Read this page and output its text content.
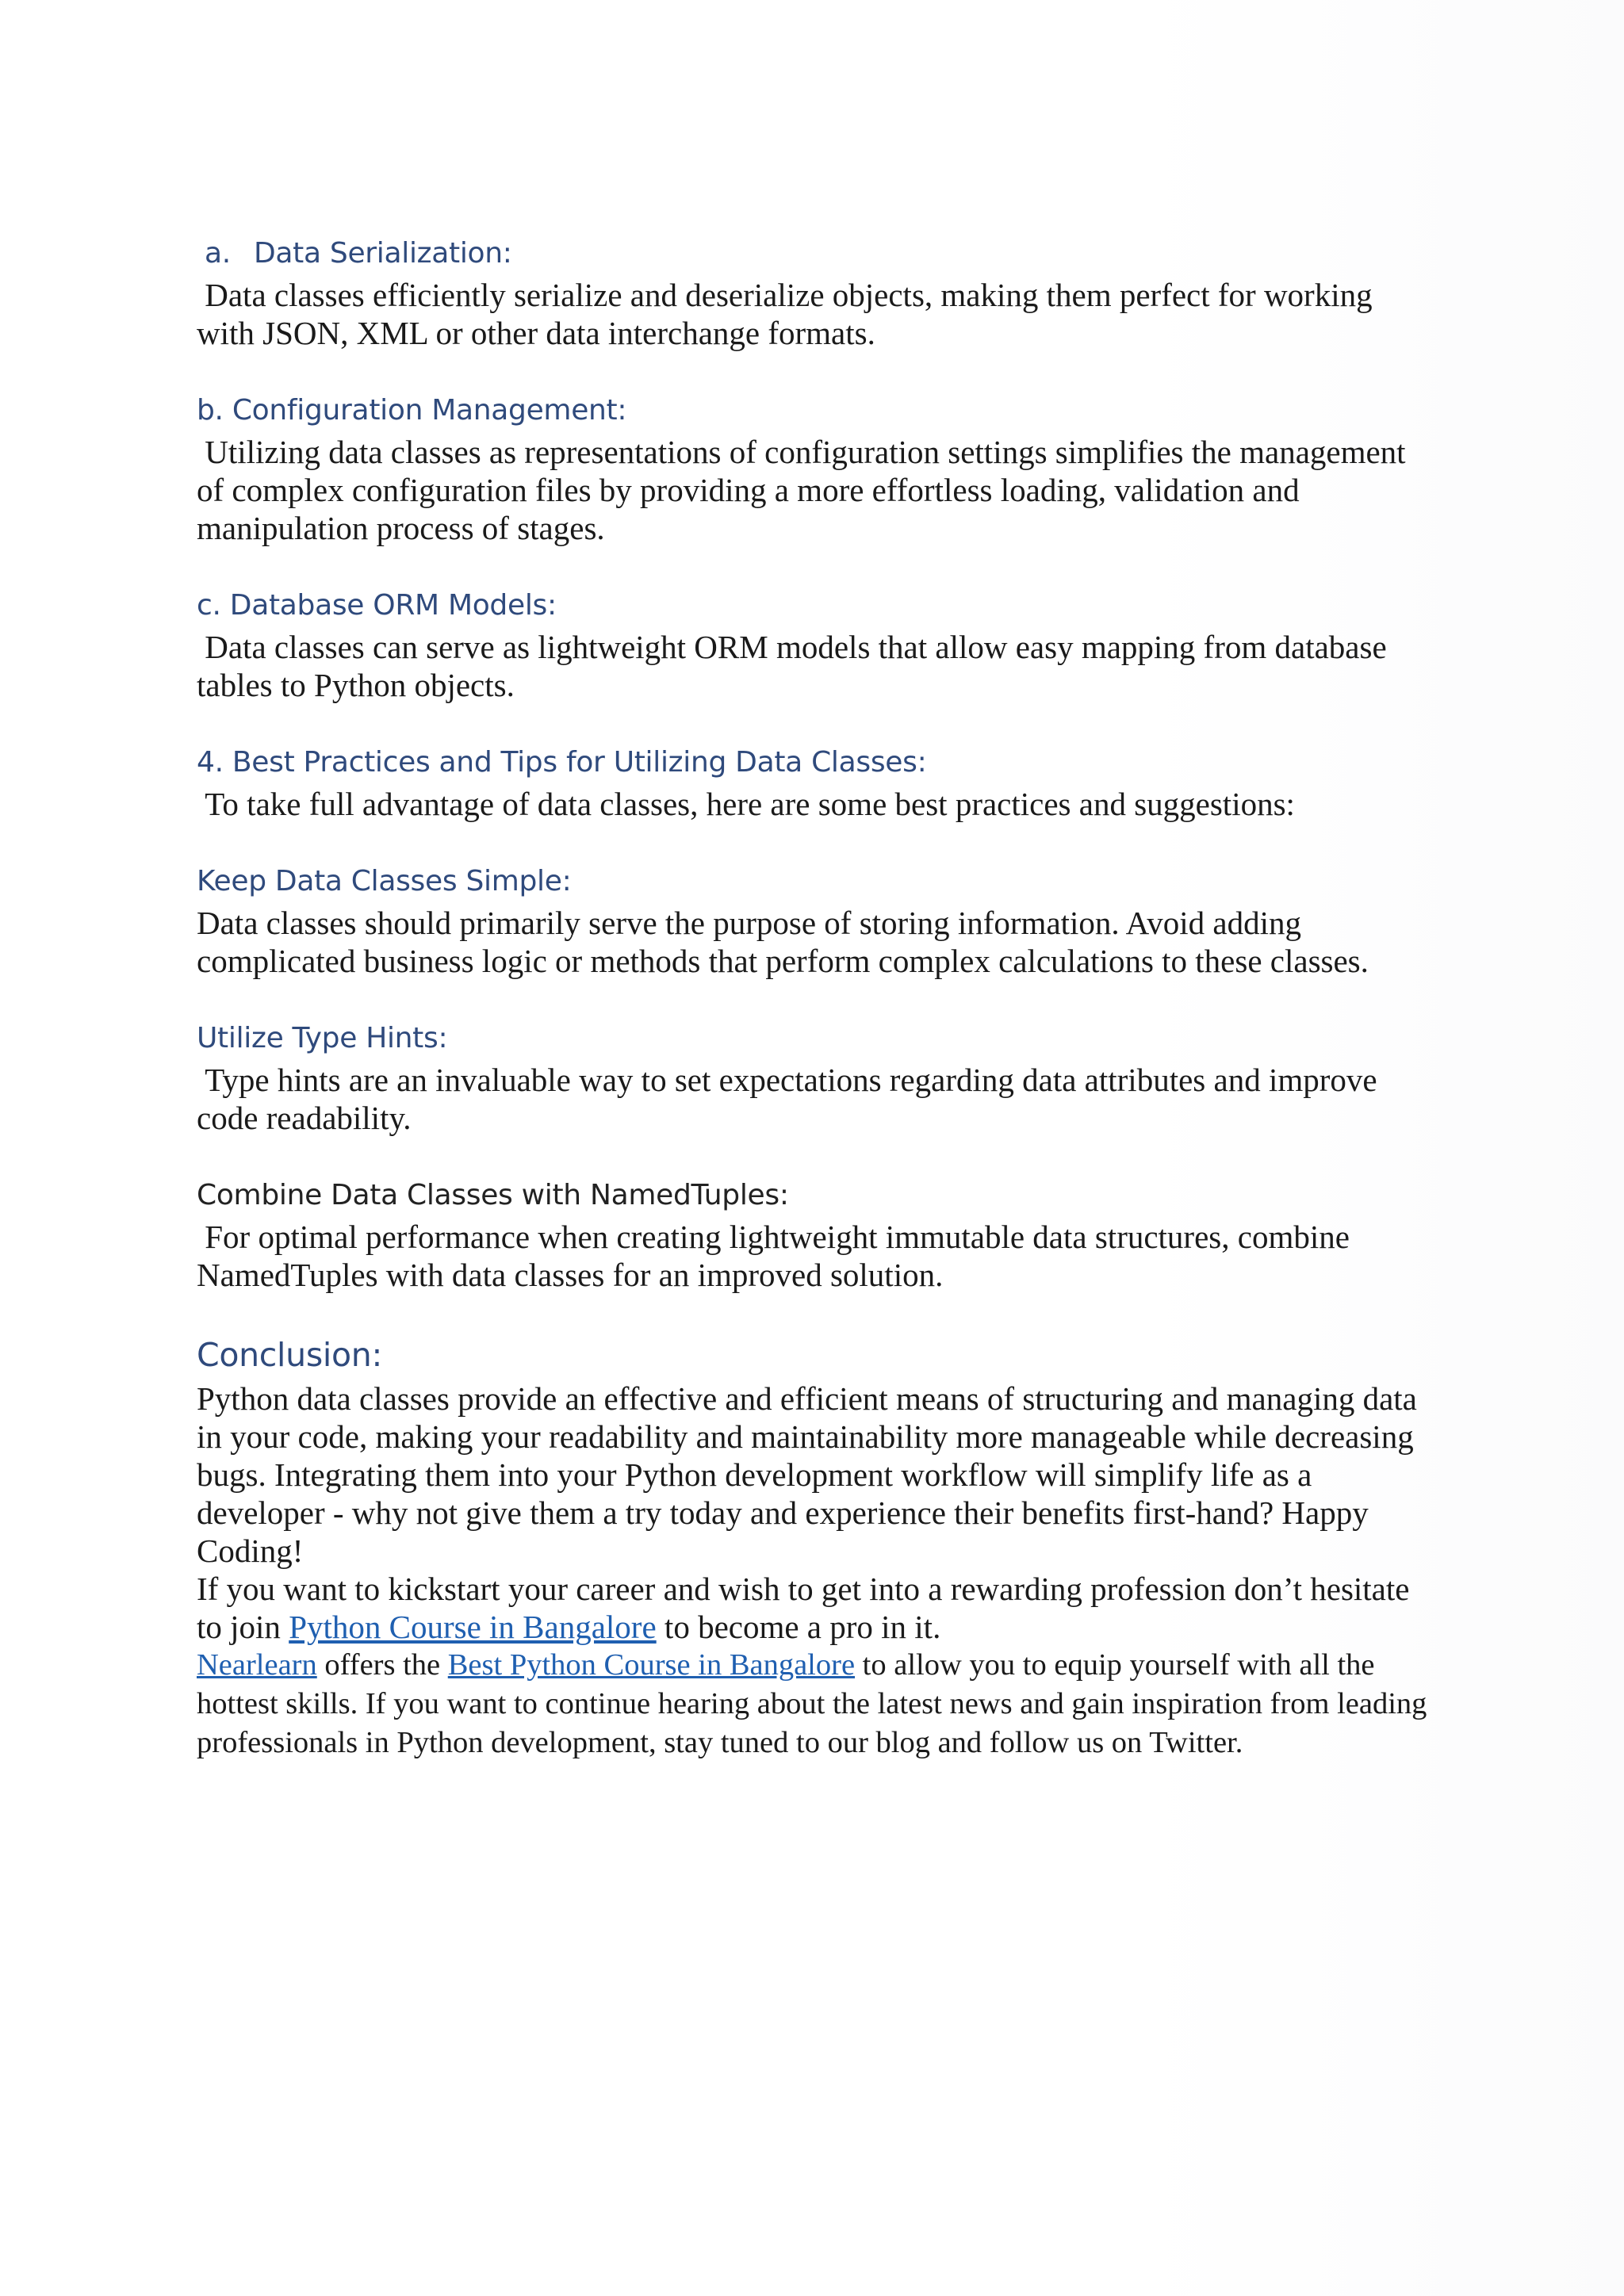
a. Data Serialization:

Data classes efficiently serialize and deserialize objects, making them perfect for working with JSON, XML or other data interchange formats.

b. Configuration Management:

Utilizing data classes as representations of configuration settings simplifies the management of complex configuration files by providing a more effortless loading, validation and manipulation process of stages.

c. Database ORM Models:

Data classes can serve as lightweight ORM models that allow easy mapping from database tables to Python objects.

4. Best Practices and Tips for Utilizing Data Classes:

To take full advantage of data classes, here are some best practices and suggestions:

Keep Data Classes Simple:

Data classes should primarily serve the purpose of storing information. Avoid adding complicated business logic or methods that perform complex calculations to these classes.

Utilize Type Hints:

Type hints are an invaluable way to set expectations regarding data attributes and improve code readability.

Combine Data Classes with NamedTuples:

For optimal performance when creating lightweight immutable data structures, combine NamedTuples with data classes for an improved solution.

Conclusion:

Python data classes provide an effective and efficient means of structuring and managing data in your code, making your readability and maintainability more manageable while decreasing bugs. Integrating them into your Python development workflow will simplify life as a developer - why not give them a try today and experience their benefits first-hand? Happy Coding!

If you want to kickstart your career and wish to get into a rewarding profession don’t hesitate to join Python Course in Bangalore to become a pro in it.

Nearlearn offers the Best Python Course in Bangalore to allow you to equip yourself with all the hottest skills. If you want to continue hearing about the latest news and gain inspiration from leading professionals in Python development, stay tuned to our blog and follow us on Twitter.
